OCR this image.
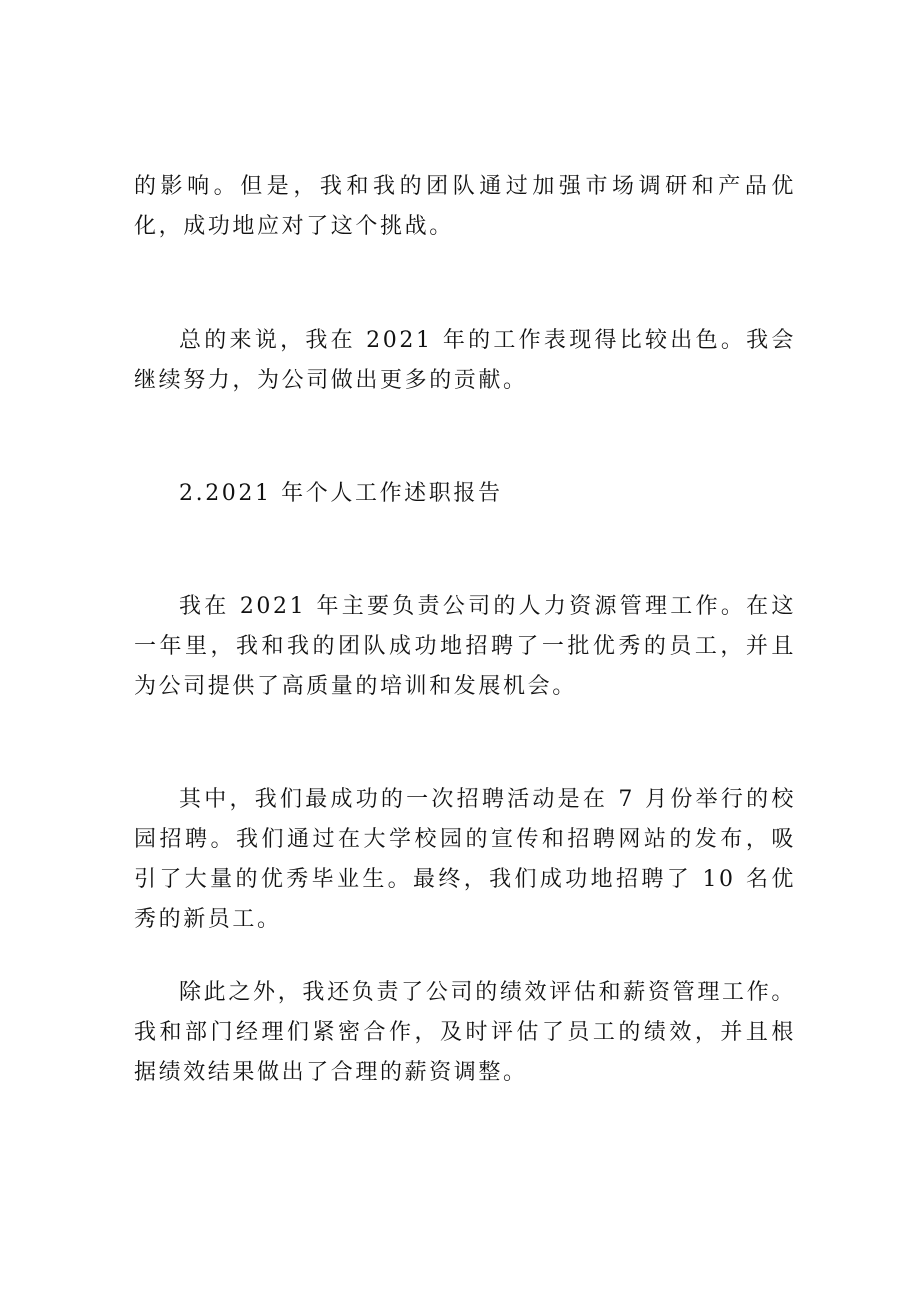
的影响。但是，我和我的团队通过加强市场调研和产品优化，成功地应对了这个挑战。

总的来说，我在 2021 年的工作表现得比较出色。我会继续努力，为公司做出更多的贡献。

2.2021 年个人工作述职报告

我在 2021 年主要负责公司的人力资源管理工作。在这一年里，我和我的团队成功地招聘了一批优秀的员工，并且为公司提供了高质量的培训和发展机会。

其中，我们最成功的一次招聘活动是在 7 月份举行的校园招聘。我们通过在大学校园的宣传和招聘网站的发布，吸引了大量的优秀毕业生。最终，我们成功地招聘了 10 名优秀的新员工。

除此之外，我还负责了公司的绩效评估和薪资管理工作。我和部门经理们紧密合作，及时评估了员工的绩效，并且根据绩效结果做出了合理的薪资调整。
